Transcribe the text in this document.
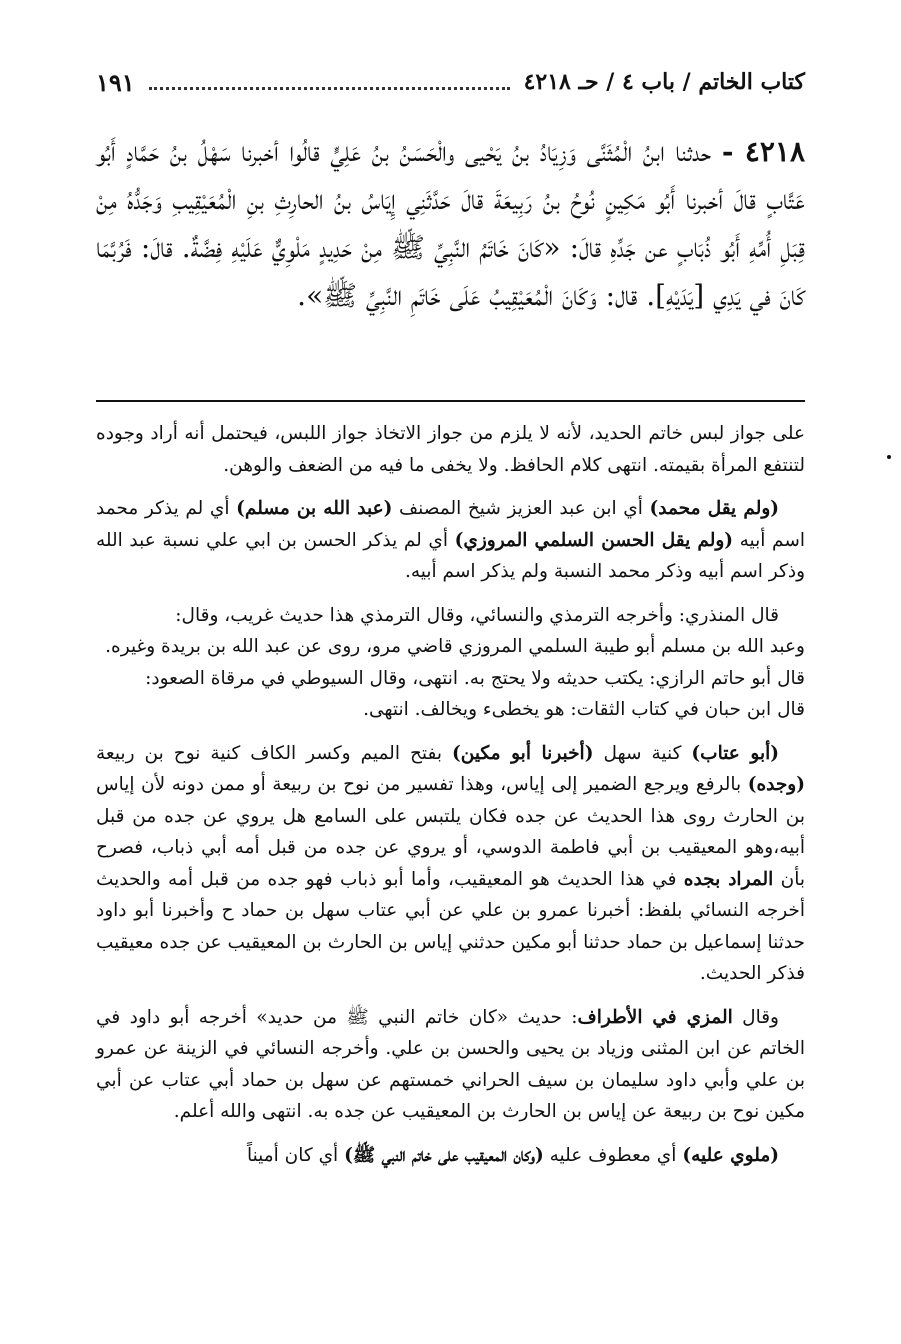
كتاب الخاتم / باب ٤ / حـ ٤٢١٨
١٩١
٤٢١٨ - حدثنا ابنُ الْمُثَنَّى وَزِيَادُ بنُ يَحْيى والْحَسَنُ بنُ عَلِيٍّ قالُوا أخبرنا سَهْلُ بنُ حَمَّادٍ أَبُو عَتَّابٍ قالَ أخبرنا أَبُو مَكِينٍ نُوحُ بنُ رَبِيعَةَ قالَ حَدَّثَنِي إِيَاسُ بنُ الحارِثِ بنِ الْمُعَيْقِيبِ وَجَدُّهُ مِنْ قِبَلِ أُمِّهِ أَبُو ذُبَابٍ عن جَدِّهِ قالَ: «كَانَ خَاتَمُ النَّبِيِّ ﷺ مِنْ حَدِيدٍ مَلْوِيٌّ عَلَيْهِ فِضَّةٌ. قالَ: فَرُبَّمَا كَانَ في يَدِي [يَدَيْهِ]. قال: وَكَانَ الْمُعَيْقِيبُ عَلَى خَاتَمِ النَّبِيِّ ﷺ».

على جواز لبس خاتم الحديد، لأنه لا يلزم من جواز الاتخاذ جواز اللبس، فيحتمل أنه أراد وجوده لتنتفع المرأة بقيمته. انتهى كلام الحافظ. ولا يخفى ما فيه من الضعف والوهن.

(ولم يقل محمد) أي ابن عبد العزيز شيخ المصنف (عبد الله بن مسلم) أي لم يذكر محمد اسم أبيه (ولم يقل الحسن السلمي المروزي) أي لم يذكر الحسن بن ابي علي نسبة عبد الله وذكر اسم أبيه وذكر محمد النسبة ولم يذكر اسم أبيه.

قال المنذري: وأخرجه الترمذي والنسائي، وقال الترمذي هذا حديث غريب، وقال:

وعبد الله بن مسلم أبو طيبة السلمي المروزي قاضي مرو، روى عن عبد الله بن بريدة وغيره.

قال أبو حاتم الرازي: يكتب حديثه ولا يحتج به. انتهى، وقال السيوطي في مرقاة الصعود:

قال ابن حبان في كتاب الثقات: هو يخطىء ويخالف. انتهى.

(أبو عتاب) كنية سهل (أخبرنا أبو مكين) بفتح الميم وكسر الكاف كنية نوح بن ربيعة (وجده) بالرفع ويرجع الضمير إلى إياس، وهذا تفسير من نوح بن ربيعة أو ممن دونه لأن إياس بن الحارث روى هذا الحديث عن جده فكان يلتبس على السامع هل يروي عن جده من قبل أبيه،وهو المعيقيب بن أبي فاطمة الدوسي، أو يروي عن جده من قبل أمه أبي ذباب، فصرح بأن المراد بجده في هذا الحديث هو المعيقيب، وأما أبو ذباب فهو جده من قبل أمه والحديث أخرجه النسائي بلفظ: أخبرنا عمرو بن علي عن أبي عتاب سهل بن حماد ح وأخبرنا أبو داود حدثنا إسماعيل بن حماد حدثنا أبو مكين حدثني إياس بن الحارث بن المعيقيب عن جده معيقيب فذكر الحديث.

وقال المزي في الأطراف: حديث «كان خاتم النبي ﷺ من حديد» أخرجه أبو داود في الخاتم عن ابن المثنى وزياد بن يحيى والحسن بن علي. وأخرجه النسائي في الزينة عن عمرو بن علي وأبي داود سليمان بن سيف الحراني خمستهم عن سهل بن حماد أبي عتاب عن أبي مكين نوح بن ربيعة عن إياس بن الحارث بن المعيقيب عن جده به. انتهى والله أعلم.

(ملوي عليه) أي معطوف عليه (وكان المعيقيب على خاتم النبي ﷺ) أي كان أميناً
